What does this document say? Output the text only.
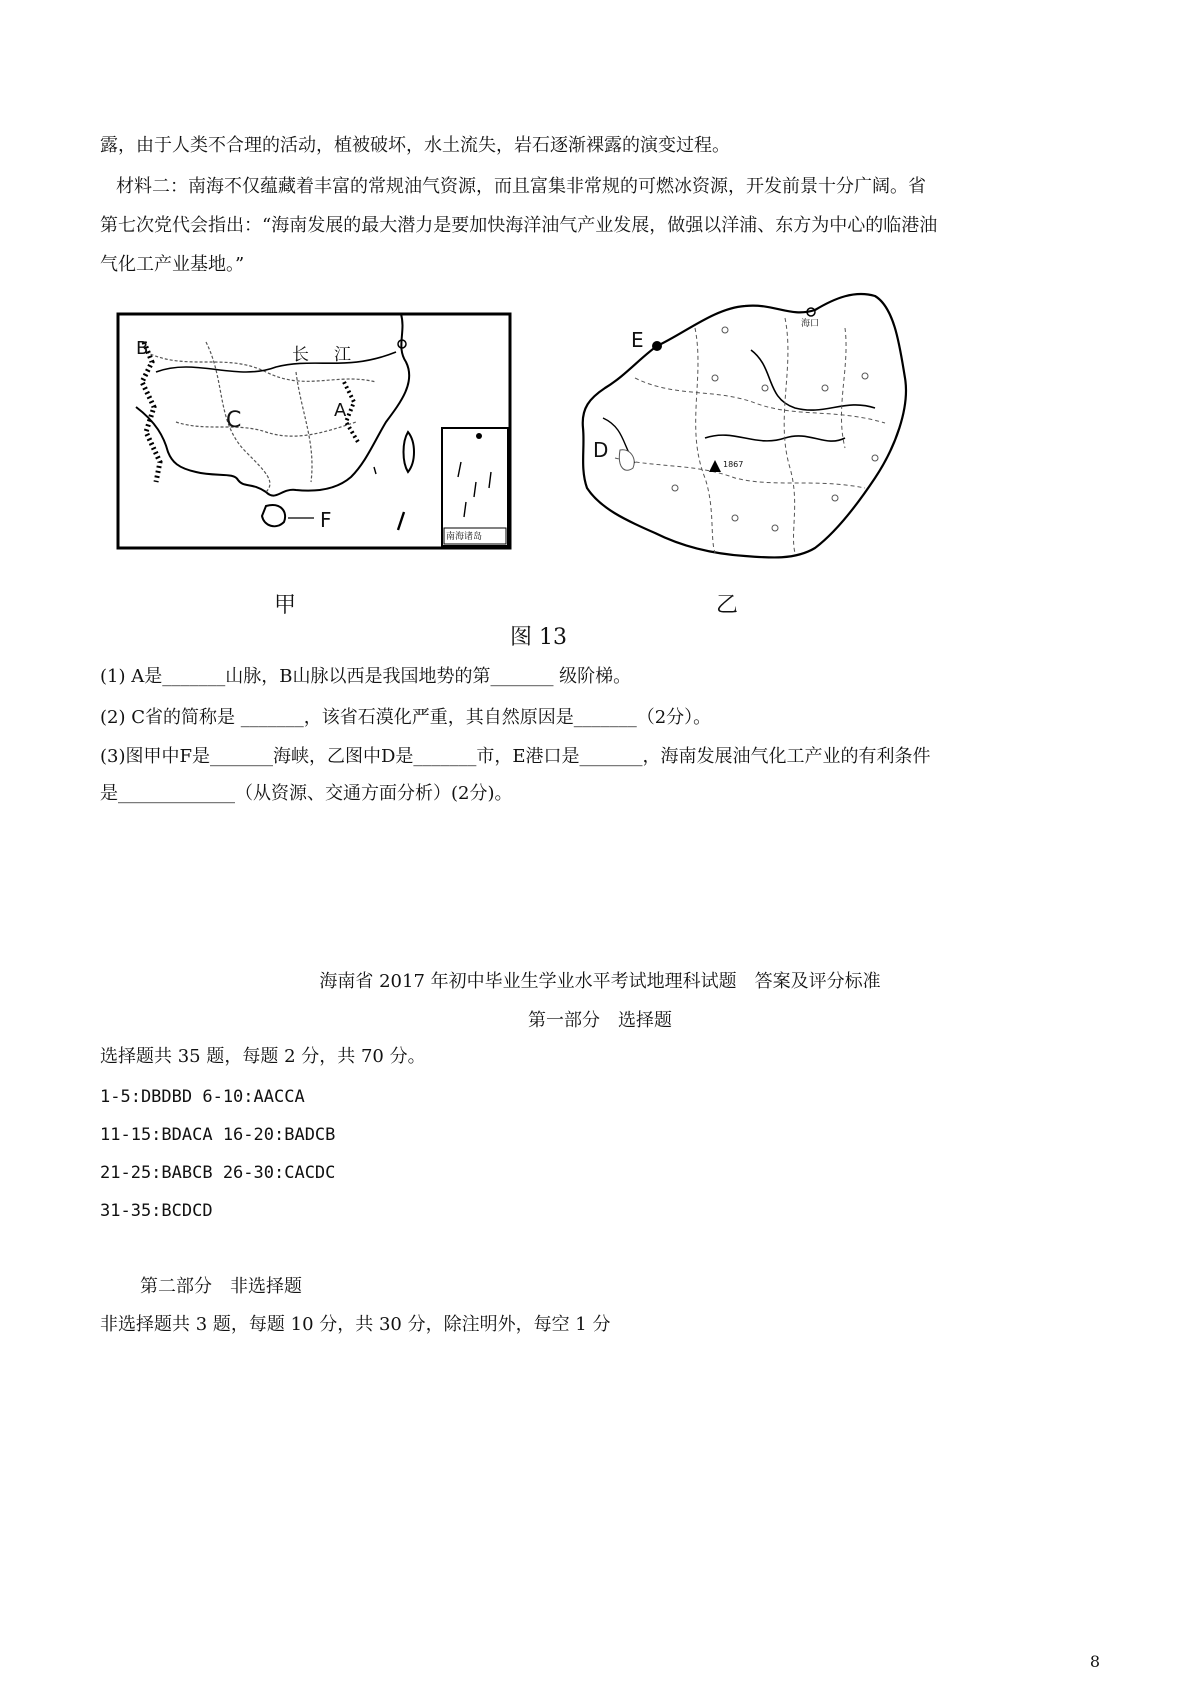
露，由于人类不合理的活动，植被破坏，水土流失，岩石逐渐裸露的演变过程。
材料二：南海不仅蕴藏着丰富的常规油气资源，而且富集非常规的可燃冰资源，开发前景十分广阔。省
第七次党代会指出：“海南发展的最大潜力是要加快海洋油气产业发展，做强以洋浦、东方为中心的临港油
气化工产业基地。”
B	长 江
A
C
F
南海诸岛
E
D
1867
海口
甲	乙
图 13
(1) A是_______山脉，B山脉以西是我国地势的第_______ 级阶梯。
(2) C省的简称是 _______，该省石漠化严重，其自然原因是_______（2分）。
(3)图甲中F是_______海峡，乙图中D是_______市，E港口是_______，海南发展油气化工产业的有利条件
是_____________（从资源、交通方面分析）(2分)。
海南省 2017 年初中毕业生学业水平考试地理科试题　答案及评分标准
第一部分　选择题
选择题共 35 题，每题 2 分，共 70 分。
1-5:DBDBD 6-10:AACCA
11-15:BDACA 16-20:BADCB
21-25:BABCB 26-30:CACDC
31-35:BCDCD
第二部分　非选择题
非选择题共 3 题，每题 10 分，共 30 分，除注明外，每空 1 分
8
